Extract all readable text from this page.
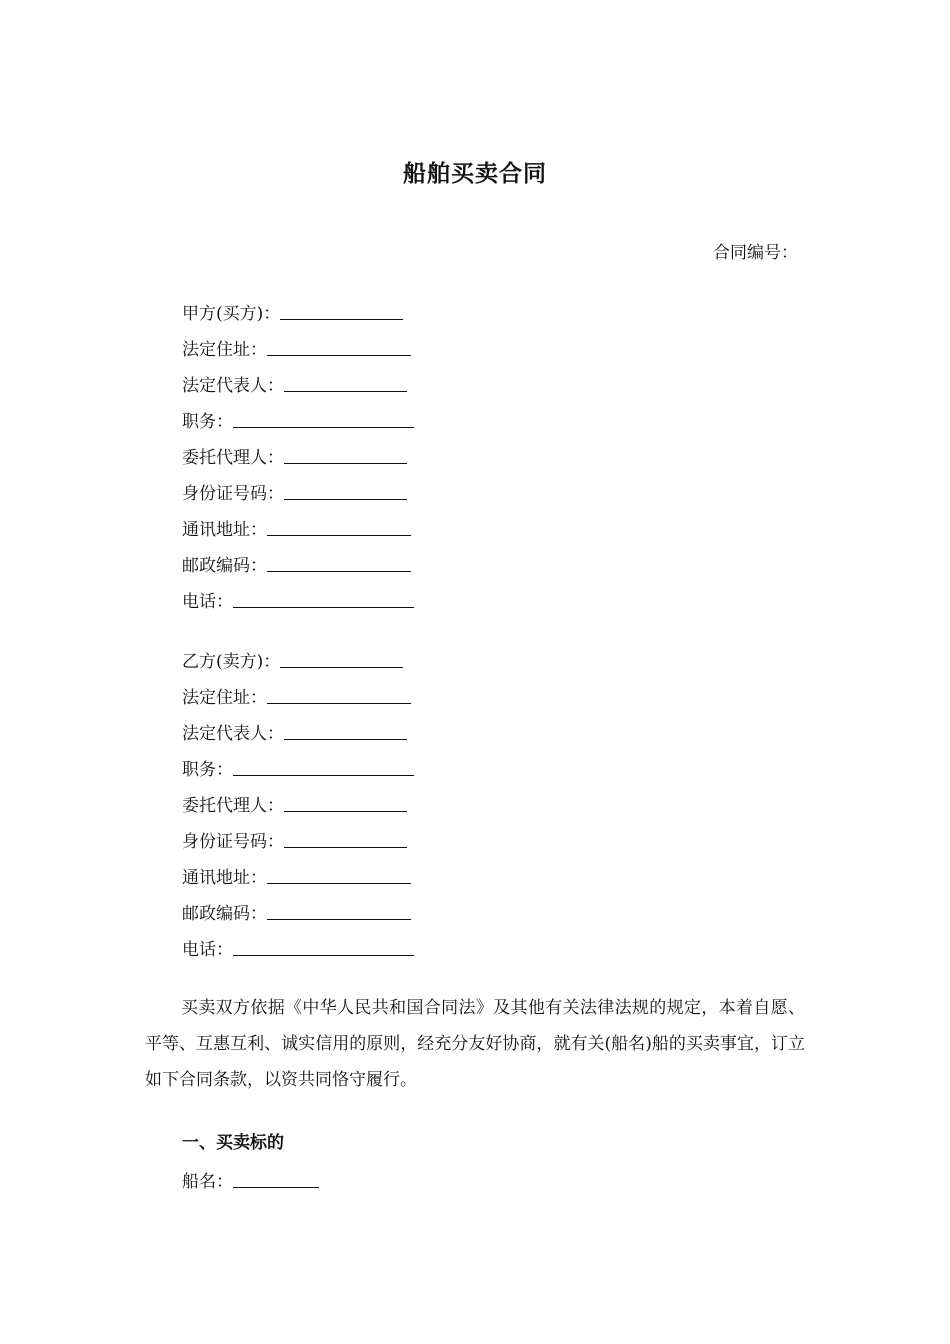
船舶买卖合同
合同编号：
甲方(买方)：
法定住址：
法定代表人：
职务：
委托代理人：
身份证号码：
通讯地址：
邮政编码：
电话：
乙方(卖方)：
法定住址：
法定代表人：
职务：
委托代理人：
身份证号码：
通讯地址：
邮政编码：
电话：
买卖双方依据《中华人民共和国合同法》及其他有关法律法规的规定，本着自愿、平等、互惠互利、诚实信用的原则，经充分友好协商，就有关(船名)船的买卖事宜，订立如下合同条款，以资共同恪守履行。
一、买卖标的
船名：
